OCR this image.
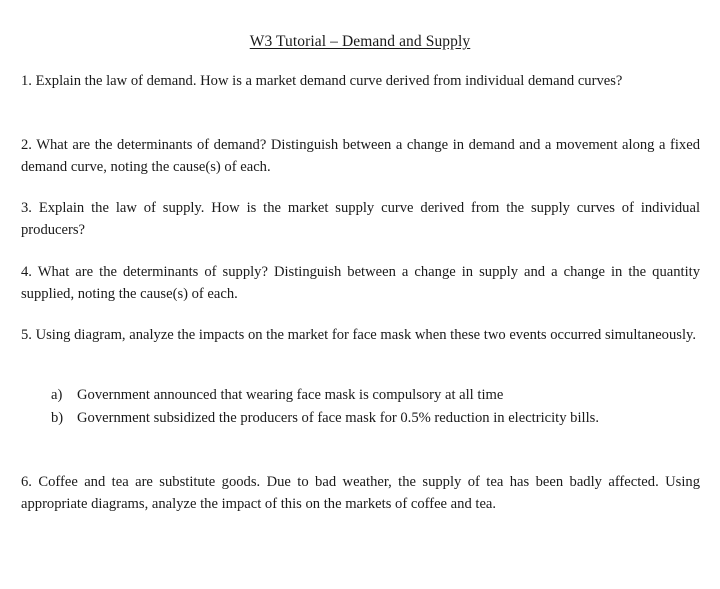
W3 Tutorial – Demand and Supply
1. Explain the law of demand. How is a market demand curve derived from individual demand curves?
2. What are the determinants of demand? Distinguish between a change in demand and a movement along a fixed demand curve, noting the cause(s) of each.
3. Explain the law of supply. How is the market supply curve derived from the supply curves of individual producers?
4. What are the determinants of supply? Distinguish between a change in supply and a change in the quantity supplied, noting the cause(s) of each.
5. Using diagram, analyze the impacts on the market for face mask when these two events occurred simultaneously.
a) Government announced that wearing face mask is compulsory at all time
b) Government subsidized the producers of face mask for 0.5% reduction in electricity bills.
6. Coffee and tea are substitute goods. Due to bad weather, the supply of tea has been badly affected. Using appropriate diagrams, analyze the impact of this on the markets of coffee and tea.
